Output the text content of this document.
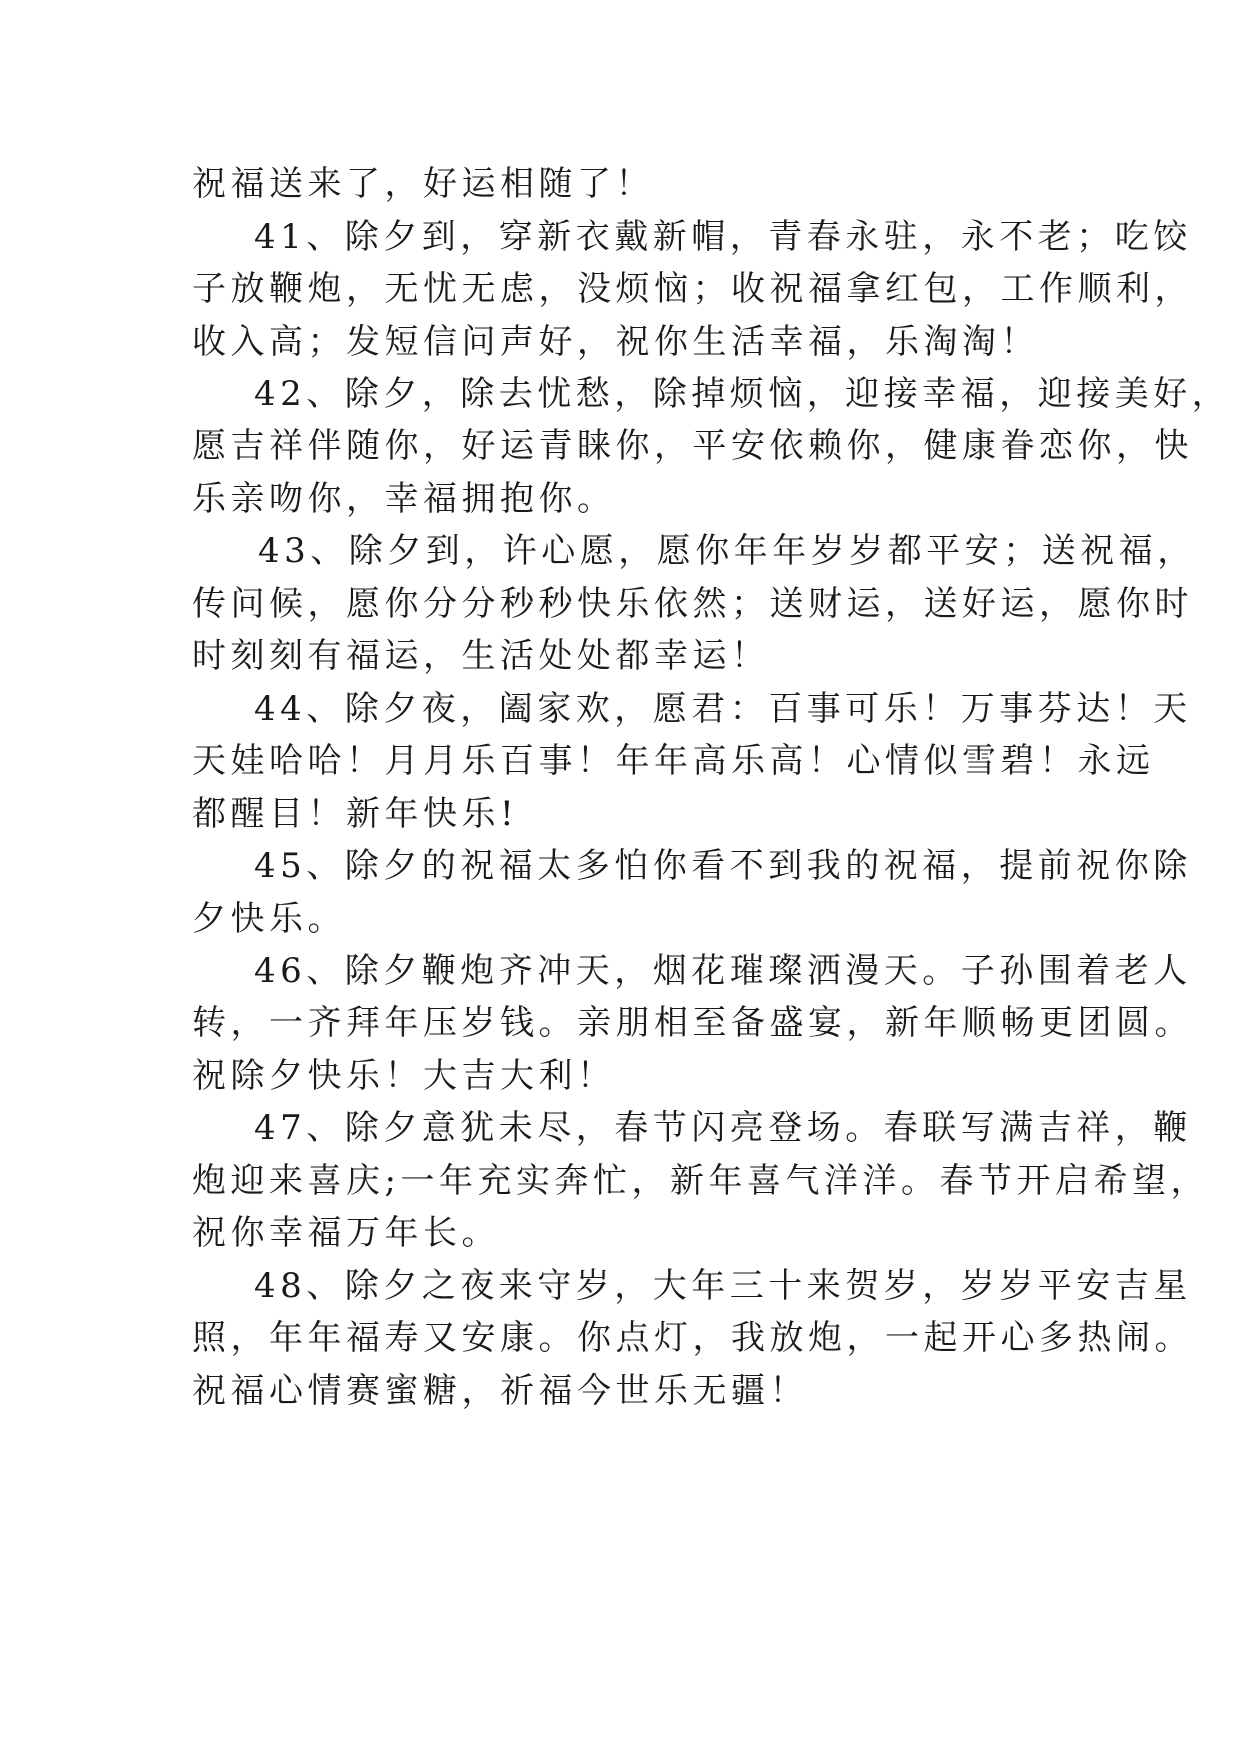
祝福送来了，好运相随了！
41、除夕到，穿新衣戴新帽，青春永驻，永不老；吃饺
子放鞭炮，无忧无虑，没烦恼；收祝福拿红包，工作顺利，
收入高；发短信问声好，祝你生活幸福，乐淘淘！
42、除夕，除去忧愁，除掉烦恼，迎接幸福，迎接美好，
愿吉祥伴随你，好运青睐你，平安依赖你，健康眷恋你，快
乐亲吻你，幸福拥抱你。
43、除夕到，许心愿，愿你年年岁岁都平安；送祝福，
传问候，愿你分分秒秒快乐依然；送财运，送好运，愿你时
时刻刻有福运，生活处处都幸运！
44、除夕夜，阖家欢，愿君：百事可乐！万事芬达！天
天娃哈哈！月月乐百事！年年高乐高！心情似雪碧！永远
都醒目！新年快乐!
45、除夕的祝福太多怕你看不到我的祝福，提前祝你除
夕快乐。
46、除夕鞭炮齐冲天，烟花璀璨洒漫天。子孙围着老人
转，一齐拜年压岁钱。亲朋相至备盛宴，新年顺畅更团圆。
祝除夕快乐！大吉大利！
47、除夕意犹未尽，春节闪亮登场。春联写满吉祥，鞭
炮迎来喜庆;一年充实奔忙，新年喜气洋洋。春节开启希望，
祝你幸福万年长。
48、除夕之夜来守岁，大年三十来贺岁，岁岁平安吉星
照，年年福寿又安康。你点灯，我放炮，一起开心多热闹。
祝福心情赛蜜糖，祈福今世乐无疆！
